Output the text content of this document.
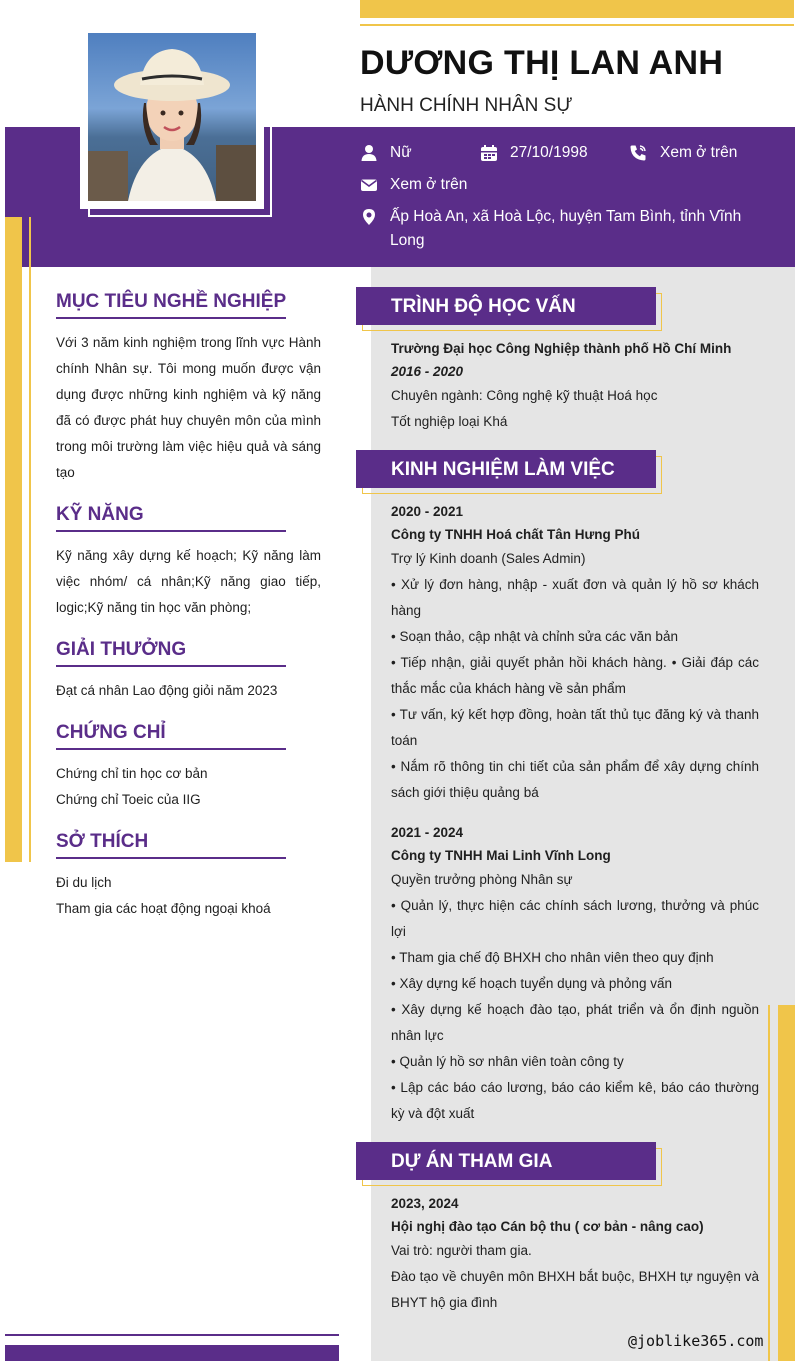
DƯƠNG THỊ LAN ANH
HÀNH CHÍNH NHÂN SỰ
Nữ	27/10/1998	Xem ở trên
Xem ở trên
Ấp Hoà An, xã Hoà Lộc, huyện Tam Bình, tỉnh Vĩnh
Long
MỤC TIÊU NGHỀ NGHIỆP
Với 3 năm kinh nghiệm trong lĩnh vực Hành chính Nhân sự. Tôi mong muốn được vận dụng được những kinh nghiệm và kỹ năng đã có được phát huy chuyên môn của mình trong môi trường làm việc hiệu quả và sáng tạo
KỸ NĂNG
Kỹ năng xây dựng kế hoạch; Kỹ năng làm việc nhóm/ cá nhân;Kỹ năng giao tiếp, logic;Kỹ năng tin học văn phòng;
GIẢI THƯỞNG
Đạt cá nhân Lao động giỏi năm 2023
CHỨNG CHỈ
Chứng chỉ tin học cơ bản
Chứng chỉ Toeic của IIG
SỞ THÍCH
Đi du lịch
Tham gia các hoạt động ngoại khoá
TRÌNH ĐỘ HỌC VẤN
Trường Đại học Công Nghiệp thành phố Hồ Chí Minh
2016 - 2020
Chuyên ngành: Công nghệ kỹ thuật Hoá học
Tốt nghiệp loại Khá
KINH NGHIỆM LÀM VIỆC
2020 - 2021
Công ty TNHH Hoá chất Tân Hưng Phú
Trợ lý Kinh doanh (Sales Admin)
• Xử lý đơn hàng, nhập - xuất đơn và quản lý hồ sơ khách hàng
• Soạn thảo, cập nhật và chỉnh sửa các văn bản
• Tiếp nhận, giải quyết phản hồi khách hàng. • Giải đáp các thắc mắc của khách hàng về sản phẩm
• Tư vấn, ký kết hợp đồng, hoàn tất thủ tục đăng ký và thanh toán
• Nắm rõ thông tin chi tiết của sản phẩm để xây dựng chính sách giới thiệu quảng bá
2021 - 2024
Công ty TNHH Mai Linh Vĩnh Long
Quyền trưởng phòng Nhân sự
• Quản lý, thực hiện các chính sách lương, thưởng và phúc lợi
• Tham gia chế độ BHXH cho nhân viên theo quy định
• Xây dựng kế hoạch tuyển dụng và phỏng vấn
• Xây dựng kế hoạch đào tạo, phát triển và ổn định nguồn nhân lực
• Quản lý hồ sơ nhân viên toàn công ty
• Lập các báo cáo lương, báo cáo kiểm kê, báo cáo thường kỳ và đột xuất
DỰ ÁN THAM GIA
2023, 2024
Hội nghị đào tạo Cán bộ thu ( cơ bản - nâng cao)
Vai trò: người tham gia.
Đào tạo về chuyên môn BHXH bắt buộc, BHXH tự nguyện và BHYT hộ gia đình
@joblike365.com
